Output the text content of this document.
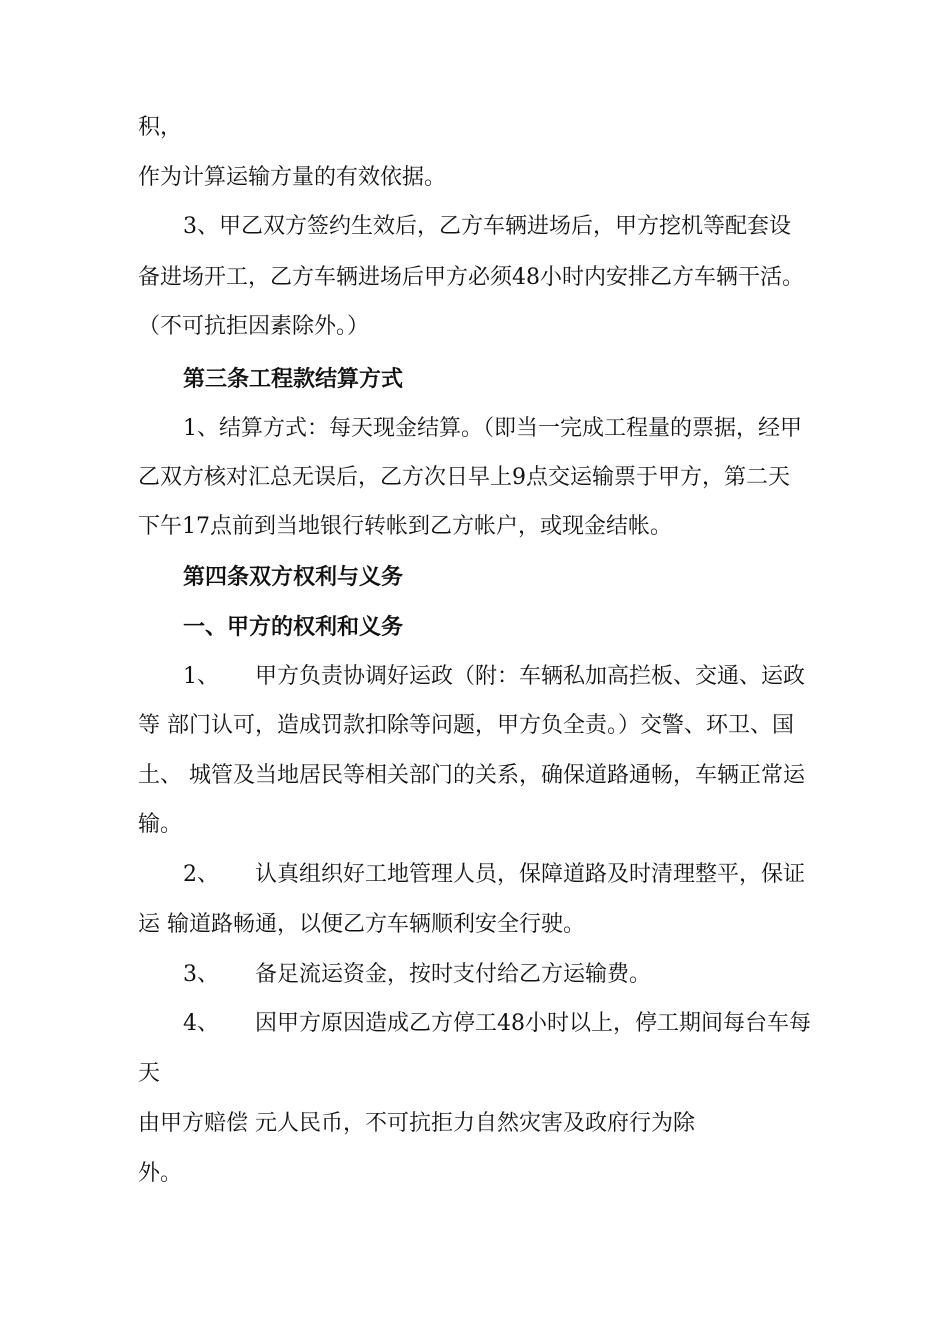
积，
作为计算运输方量的有效依据。
3、甲乙双方签约生效后，乙方车辆进场后，甲方挖机等配套设
备进场开工，乙方车辆进场后甲方必须48小时内安排乙方车辆干活。
（不可抗拒因素除外。）
第三条工程款结算方式
1、结算方式：每天现金结算。（即当一完成工程量的票据，经甲
乙双方核对汇总无误后，乙方次日早上9点交运输票于甲方，第二天
下午17点前到当地银行转帐到乙方帐户，或现金结帐。
第四条双方权利与义务
一、甲方的权利和义务
1、 甲方负责协调好运政（附：车辆私加高拦板、交通、运政
等 部门认可，造成罚款扣除等问题，甲方负全责。）交警、环卫、国
土、 城管及当地居民等相关部门的关系，确保道路通畅，车辆正常运
输。
2、 认真组织好工地管理人员，保障道路及时清理整平，保证
运 输道路畅通，以便乙方车辆顺利安全行驶。
3、 备足流运资金，按时支付给乙方运输费。
4、 因甲方原因造成乙方停工48小时以上，停工期间每台车每
天
由甲方赔偿 元人民币，不可抗拒力自然灾害及政府行为除
外。
